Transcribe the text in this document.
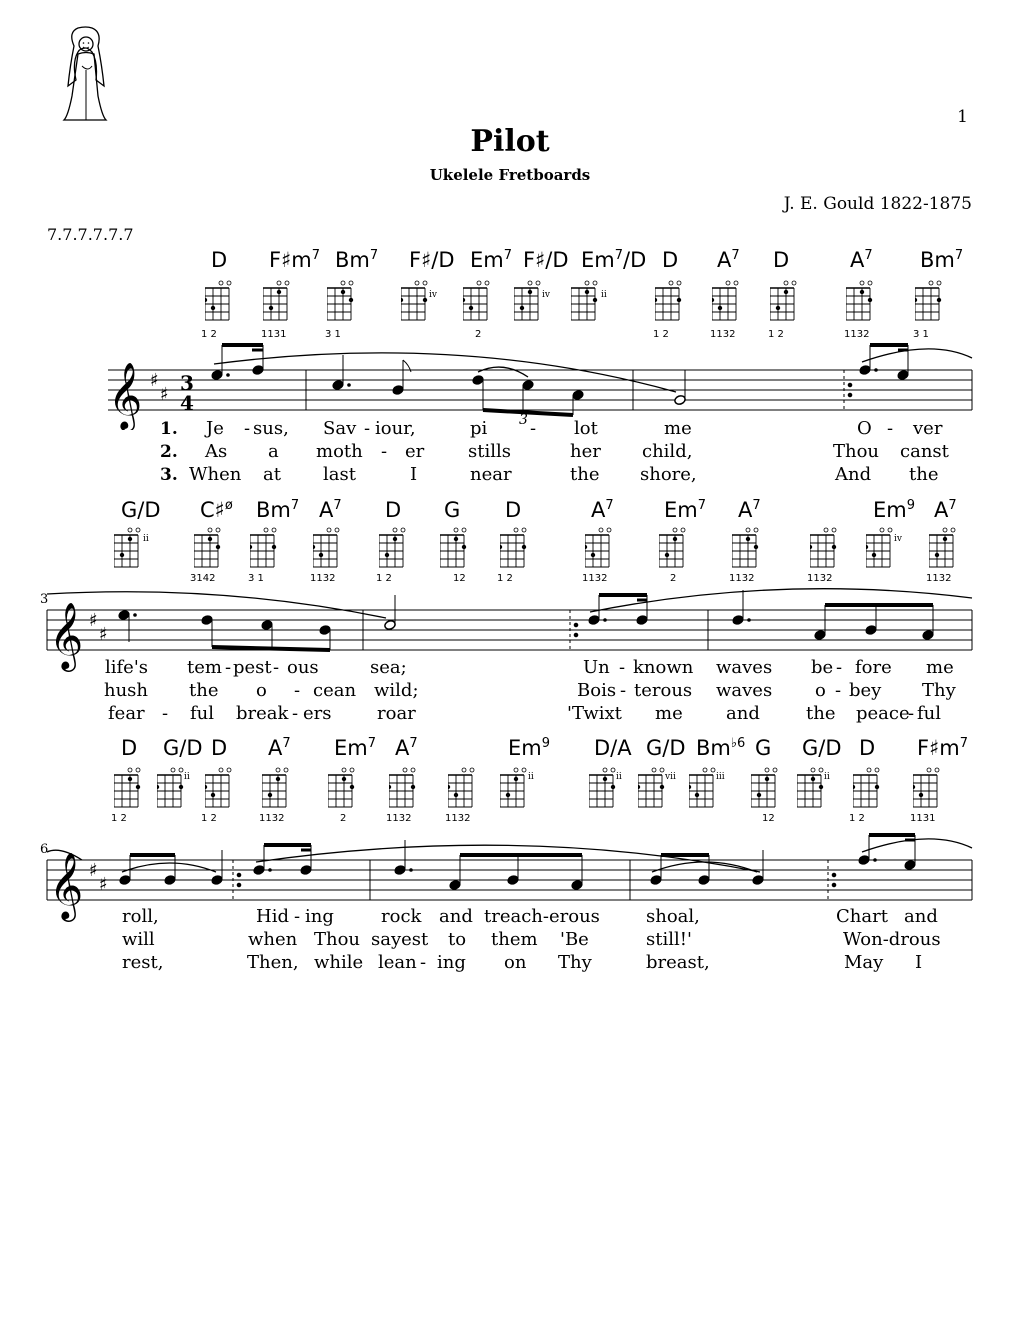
1
Pilot
Ukelele Fretboards
J. E. Gould 1822-1875
7.7.7.7.7.7
D $F♯m^7$ Bm$^7$ F♯/D Em$^7$ F♯/D Em$^7$/D D $A^7$ D	$A^7$ Bm$^7$
1 2	1131	3 1	2	1 2	1132	1 2	1132	3 1
iv	iv	ii
𝄞 ♯
♯ 3
4
3
1.
2.
3.
Je - sus, Sav - iour,	pi - lot	me	O - ver
As a moth - er stills	her child,	Thou canst
When at last	I	near	the shore,	And the
G/D C♯$^ø$ Bm$^7$ $A^7$ D G D	$A^7$ Em$^7$ $A^7$	Em$^9$ $A^7$
3142	3 1	1132	1 2	12	1 2	1132	2	1132	1132	1132
ii	iv
3
𝄞 ♯
♯
life's tem - pest - ous	sea;	Un - known waves be - fore me
hush the o - cean wild;	Bois - terous waves o - bey Thy
fear - ful break - ers	roar	'Twixt me and	the peace
- ful
D G/D D $A^7$ Em$^7$ $A^7$	Em$^9$ D/A G/D $Bm^{♭6}$ G G/D D $F♯m^7$
1 2	1 2	1132	2	1132	1132	12	1 2	1131
ii	ii	ii	vii	iii	ii
6
𝄞 ♯
♯
roll,	Hid - ing	rock and treach-erous	shoal,	Chart and
will	when Thou sayest to them 'Be	still!'	Won-drous
rest,	Then, while lean - ing on Thy	breast,	May I
